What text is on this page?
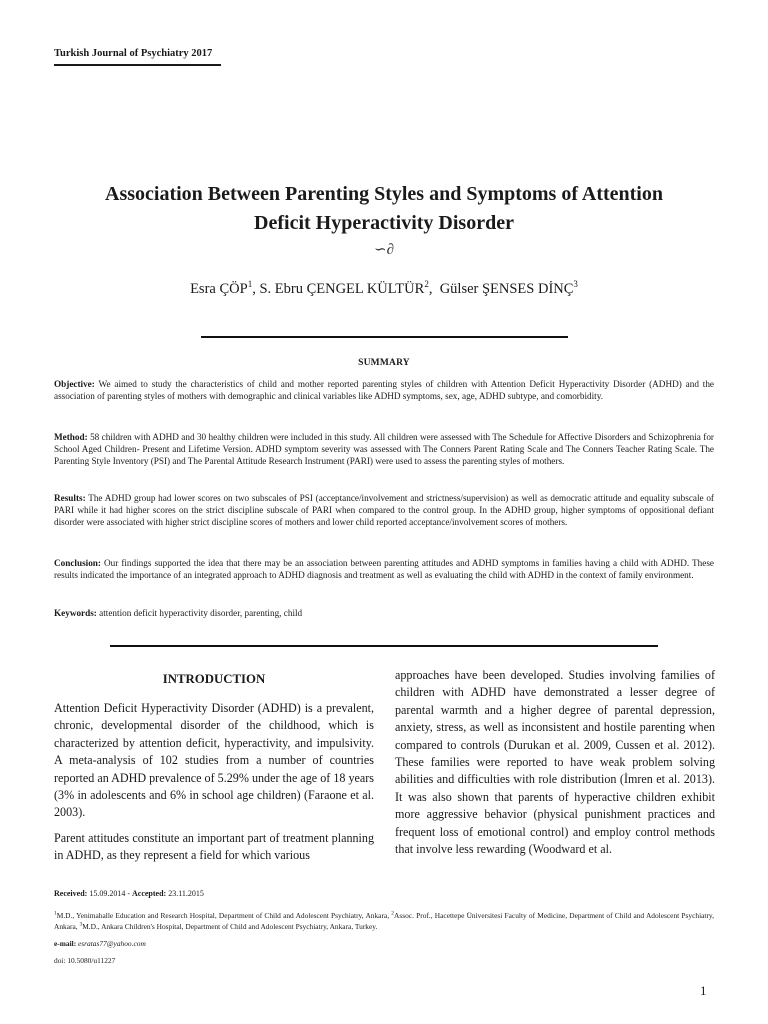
Turkish Journal of Psychiatry 2017
Association Between Parenting Styles and Symptoms of Attention
Deficit Hyperactivity Disorder
∽∂
Esra ÇÖP$^1$, S. Ebru ÇENGEL KÜLTÜR$^2$,  Gülser ŞENSES DİNÇ$^3$
SUMMARY

Objective: We aimed to study the characteristics of child and mother reported parenting styles of children with Attention Deficit Hyperactivity Disorder (ADHD) and the association of parenting styles of mothers with demographic and clinical variables like ADHD symptoms, sex, age, ADHD subtype, and comorbidity.

Method: 58 children with ADHD and 30 healthy children were included in this study. All children were assessed with The Schedule for Affective Disorders and Schizophrenia for School Aged Children- Present and Lifetime Version. ADHD symptom severity was assessed with The Conners Parent Rating Scale and The Conners Teacher Rating Scale. The Parenting Style Inventory (PSI) and The Parental Attitude Research Instrument (PARI) were used to assess the parenting styles of mothers.

Results: The ADHD group had lower scores on two subscales of PSI (acceptance/involvement and strictness/supervision) as well as democratic attitude and equality subscale of PARI while it had higher scores on the strict discipline subscale of PARI when compared to the control group. In the ADHD group, higher symptoms of oppositional defiant disorder were associated with higher strict discipline scores of mothers and lower child reported acceptance/involvement scores of mothers.

Conclusion: Our findings supported the idea that there may be an association between parenting attitudes and ADHD symptoms in families having a child with ADHD. These results indicated the importance of an integrated approach to ADHD diagnosis and treatment as well as evaluating the child with ADHD in the context of family environment.

Keywords: attention deficit hyperactivity disorder, parenting, child

INTRODUCTION

Attention Deficit Hyperactivity Disorder (ADHD) is a prevalent, chronic, developmental disorder of the childhood, which is characterized by attention deficit, hyperactivity, and impulsivity. A meta-analysis of 102 studies from a number of countries reported an ADHD prevalence of 5.29% under the age of 18 years (3% in adolescents and 6% in school age children) (Faraone et al. 2003).

Parent attitudes constitute an important part of treatment planning in ADHD, as they represent a field for which various

approaches have been developed. Studies involving families of children with ADHD have demonstrated a lesser degree of parental warmth and a higher degree of parental depression, anxiety, stress, as well as inconsistent and hostile parenting when compared to controls (Durukan et al. 2009, Cussen et al. 2012). These families were reported to have weak problem solving abilities and difficulties with role distribution (İmren et al. 2013). It was also shown that parents of hyperactive children exhibit more aggressive behavior (physical punishment practices and frequent loss of emotional control) and employ control methods that involve less rewarding (Woodward et al.

Received: 15.09.2014 - Accepted: 23.11.2015
$^1$M.D., Yenimahalle Education and Research Hospital, Department of Child and Adolescent Psychiatry, Ankara, $^2$Assoc. Prof., Hacettepe Üniversitesi Faculty of Medicine, Department of Child and Adolescent Psychiatry, Ankara, $^3$M.D., Ankara Children's Hospital, Department of Child and Adolescent Psychiatry, Ankara, Turkey.
e-mail: esratas77@yahoo.com
doi: 10.5080/u11227
1
